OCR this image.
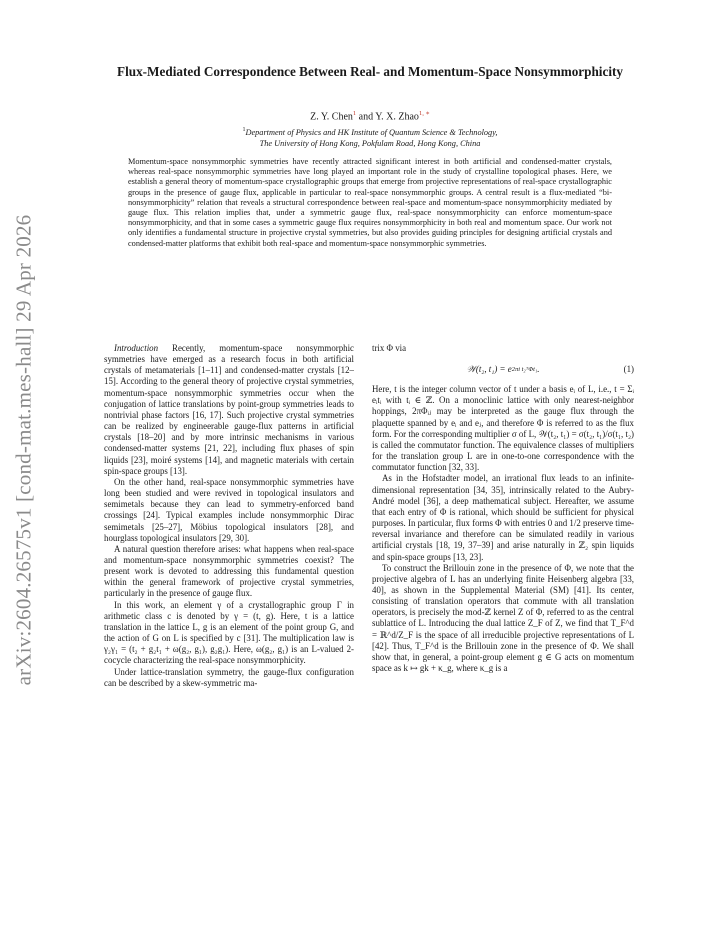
arXiv:2604.26575v1 [cond-mat.mes-hall] 29 Apr 2026
Flux-Mediated Correspondence Between Real- and Momentum-Space Nonsymmorphicity
Z. Y. Chen$^1$ and Y. X. Zhao$^{1, ∗}$
$^1$Department of Physics and HK Institute of Quantum Science & Technology,
The University of Hong Kong, Pokfulam Road, Hong Kong, China
Momentum-space nonsymmorphic symmetries have recently attracted significant interest in both artificial and condensed-matter crystals, whereas real-space nonsymmorphic symmetries have long played an important role in the study of crystalline topological phases. Here, we establish a general theory of momentum-space crystallographic groups that emerge from projective representations of real-space crystallographic groups in the presence of gauge flux, applicable in particular to real-space nonsymmorphic groups. A central result is a flux-mediated “bi-nonsymmorphicity” relation that reveals a structural correspondence between real-space and momentum-space nonsymmorphicity mediated by gauge flux. This relation implies that, under a symmetric gauge flux, real-space nonsymmorphicity can enforce momentum-space nonsymmorphicity, and that in some cases a symmetric gauge flux requires nonsymmorphicity in both real and momentum space. Our work not only identifies a fundamental structure in projective crystal symmetries, but also provides guiding principles for designing artificial crystals and condensed-matter platforms that exhibit both real-space and momentum-space nonsymmorphic symmetries.

Introduction Recently, momentum-space nonsymmorphic symmetries have emerged as a research focus in both artificial crystals of metamaterials [1–11] and condensed-matter crystals [12–15]. According to the general theory of projective crystal symmetries, momentum-space nonsymmorphic symmetries occur when the conjugation of lattice translations by point-group symmetries leads to nontrivial phase factors [16, 17]. Such projective crystal symmetries can be realized by engineerable gauge-flux patterns in artificial crystals [18–20] and by more intrinsic mechanisms in various condensed-matter systems [21, 22], including flux phases of spin liquids [23], moiré systems [14], and magnetic materials with certain spin-space groups [13].

On the other hand, real-space nonsymmorphic symmetries have long been studied and were revived in topological insulators and semimetals because they can lead to symmetry-enforced band crossings [24]. Typical examples include nonsymmorphic Dirac semimetals [25–27], Möbius topological insulators [28], and hourglass topological insulators [29, 30].

A natural question therefore arises: what happens when real-space and momentum-space nonsymmorphic symmetries coexist? The present work is devoted to addressing this fundamental question within the general framework of projective crystal symmetries, particularly in the presence of gauge flux.

In this work, an element γ of a crystallographic group Γ in arithmetic class c is denoted by γ = (t, g). Here, t is a lattice translation in the lattice L, g is an element of the point group G, and the action of G on L is specified by c [31]. The multiplication law is γ₂γ₁ = (t₂ + g₂t₁ + ω(g₂, g₁), g₂g₁). Here, ω(g₂, g₁) is an L-valued 2-cocycle characterizing the real-space nonsymmorphicity.

Under lattice-translation symmetry, the gauge-flux configuration can be described by a skew-symmetric ma-

trix Φ via

𝒲(t₂, t₁) = e 2πi t₂ᵀΦt₁ .	(1)

Here, t is the integer column vector of t under a basis eᵢ of L, i.e., t = Σᵢ eᵢtᵢ with tᵢ ∈ ℤ. On a monoclinic lattice with only nearest-neighbor hoppings, 2πΦᵢⱼ may be interpreted as the gauge flux through the plaquette spanned by eᵢ and eⱼ, and therefore Φ is referred to as the flux form. For the corresponding multiplier σ of L, 𝒲(t₂, t₁) = σ(t₂, t₁)/σ(t₁, t₂) is called the commutator function. The equivalence classes of multipliers for the translation group L are in one-to-one correspondence with the commutator function [32, 33].

As in the Hofstadter model, an irrational flux leads to an infinite-dimensional representation [34, 35], intrinsically related to the Aubry-André model [36], a deep mathematical subject. Hereafter, we assume that each entry of Φ is rational, which should be sufficient for physical purposes. In particular, flux forms Φ with entries 0 and 1/2 preserve time-reversal invariance and therefore can be simulated readily in various artificial crystals [18, 19, 37–39] and arise naturally in ℤ₂ spin liquids and spin-space groups [13, 23].

To construct the Brillouin zone in the presence of Φ, we note that the projective algebra of L has an underlying finite Heisenberg algebra [33, 40], as shown in the Supplemental Material (SM) [41]. Its center, consisting of translation operators that commute with all translation operators, is precisely the mod-ℤ kernel Z of Φ, referred to as the central sublattice of L. Introducing the dual lattice Z_F of Z, we find that T_F^d = ℝ^d/Z_F is the space of all irreducible projective representations of L [42]. Thus, T_F^d is the Brillouin zone in the presence of Φ. We shall show that, in general, a point-group element g ∈ G acts on momentum space as k ↦ gk + κ_g, where κ_g is a
